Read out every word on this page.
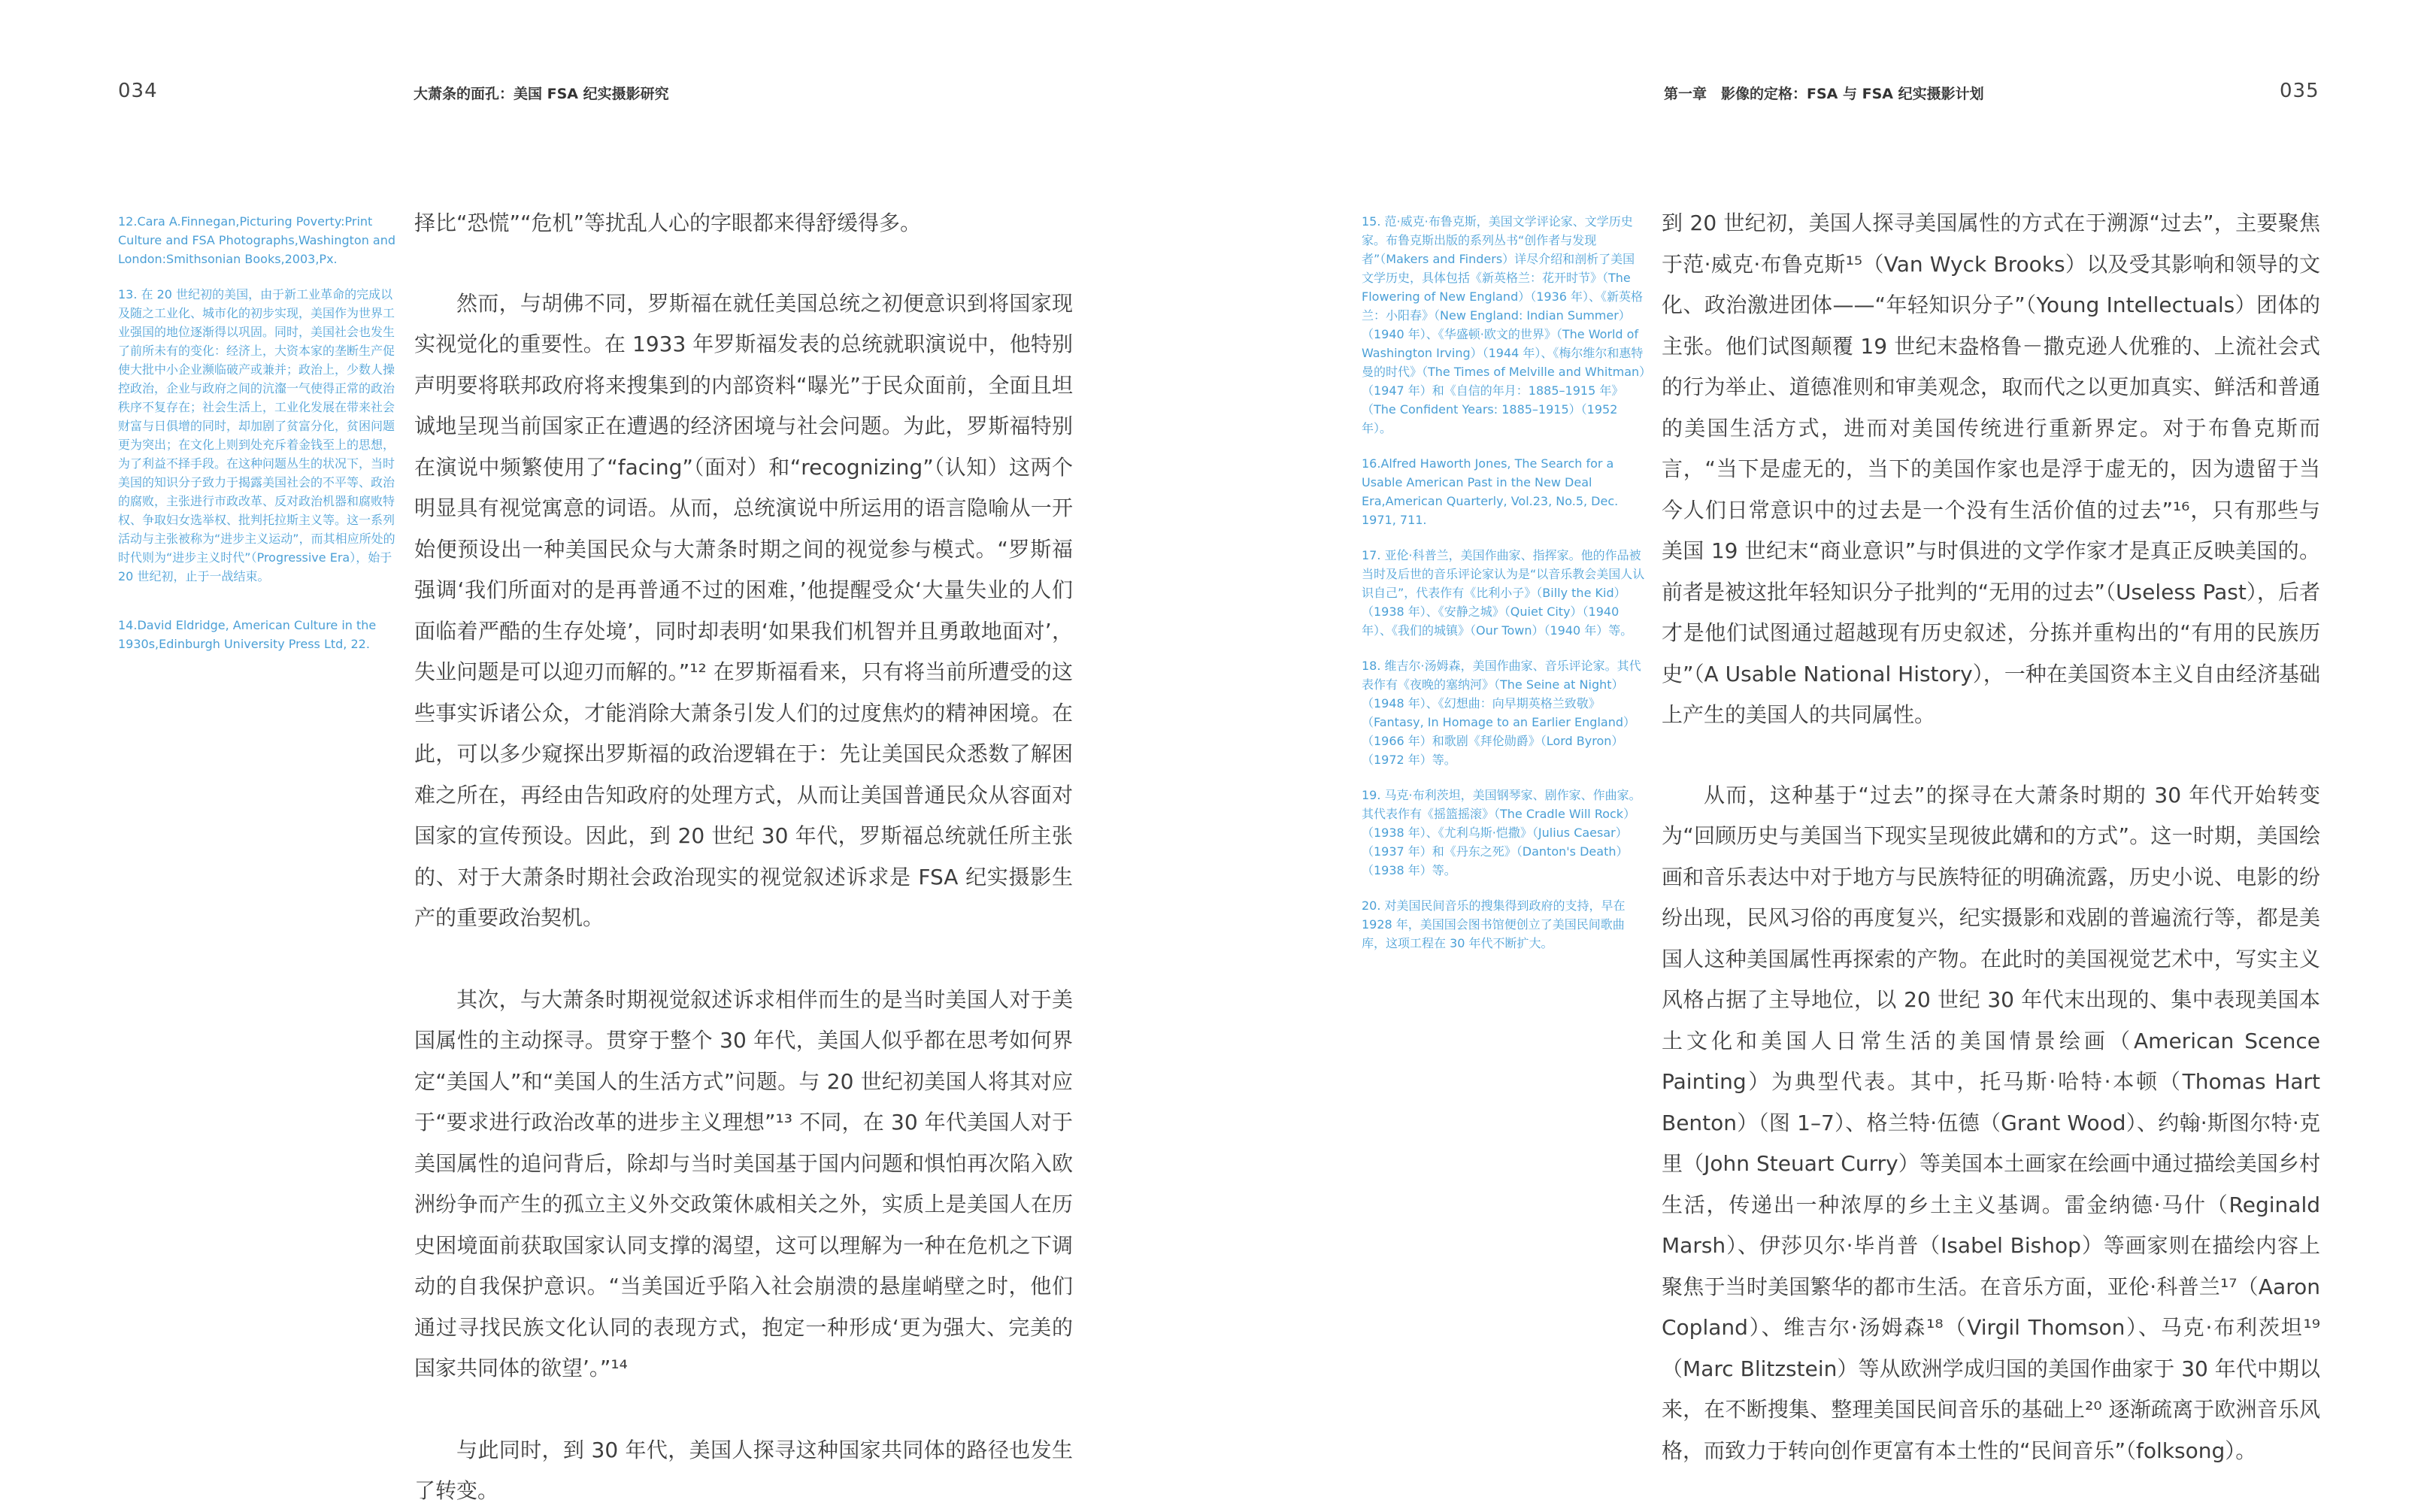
034	大萧条的面孔：美国 FSA 纪实摄影研究
12.Cara A.Finnegan,Picturing Poverty:Print Culture and FSA Photographs,Washington and London:Smithsonian Books,2003,Px.
13. 在 20 世纪初的美国，由于新工业革命的完成以及随之工业化、城市化的初步实现，美国作为世界工业强国的地位逐渐得以巩固。同时，美国社会也发生了前所未有的变化：经济上，大资本家的垄断生产促使大批中小企业濒临破产或兼并；政治上，少数人操控政治，企业与政府之间的沆瀣一气使得正常的政治秩序不复存在；社会生活上，工业化发展在带来社会财富与日俱增的同时，却加剧了贫富分化，贫困问题更为突出；在文化上则到处充斥着金钱至上的思想，为了利益不择手段。在这种问题丛生的状况下，当时美国的知识分子致力于揭露美国社会的不平等、政治的腐败，主张进行市政改革、反对政治机器和腐败特权、争取妇女选举权、批判托拉斯主义等。这一系列活动与主张被称为“进步主义运动”，而其相应所处的时代则为“进步主义时代”（Progressive Era），始于 20 世纪初，止于一战结束。
14.David Eldridge, American Culture in the 1930s,Edinburgh University Press Ltd, 22.

择比“恐慌”“危机”等扰乱人心的字眼都来得舒缓得多。

然而，与胡佛不同，罗斯福在就任美国总统之初便意识到将国家现实视觉化的重要性。在 1933 年罗斯福发表的总统就职演说中，他特别声明要将联邦政府将来搜集到的内部资料“曝光”于民众面前，全面且坦诚地呈现当前国家正在遭遇的经济困境与社会问题。为此，罗斯福特别在演说中频繁使用了“facing”（面对）和“recognizing”（认知）这两个明显具有视觉寓意的词语。从而，总统演说中所运用的语言隐喻从一开始便预设出一种美国民众与大萧条时期之间的视觉参与模式。“罗斯福强调‘我们所面对的是再普通不过的困难，’他提醒受众‘大量失业的人们面临着严酷的生存处境’，同时却表明‘如果我们机智并且勇敢地面对’，失业问题是可以迎刃而解的。”¹² 在罗斯福看来，只有将当前所遭受的这些事实诉诸公众，才能消除大萧条引发人们的过度焦灼的精神困境。在此，可以多少窥探出罗斯福的政治逻辑在于：先让美国民众悉数了解困难之所在，再经由告知政府的处理方式，从而让美国普通民众从容面对国家的宣传预设。因此，到 20 世纪 30 年代，罗斯福总统就任所主张的、对于大萧条时期社会政治现实的视觉叙述诉求是 FSA 纪实摄影生产的重要政治契机。

其次，与大萧条时期视觉叙述诉求相伴而生的是当时美国人对于美国属性的主动探寻。贯穿于整个 30 年代，美国人似乎都在思考如何界定“美国人”和“美国人的生活方式”问题。与 20 世纪初美国人将其对应于“要求进行政治改革的进步主义理想”¹³ 不同，在 30 年代美国人对于美国属性的追问背后，除却与当时美国基于国内问题和惧怕再次陷入欧洲纷争而产生的孤立主义外交政策休戚相关之外，实质上是美国人在历史困境面前获取国家认同支撑的渴望，这可以理解为一种在危机之下调动的自我保护意识。“当美国近乎陷入社会崩溃的悬崖峭壁之时，他们通过寻找民族文化认同的表现方式，抱定一种形成‘更为强大、完美的国家共同体的欲望’。”¹⁴

与此同时，到 30 年代，美国人探寻这种国家共同体的路径也发生了转变。

第一章　影像的定格：FSA 与 FSA 纪实摄影计划	035
15. 范·威克·布鲁克斯，美国文学评论家、文学历史家。布鲁克斯出版的系列丛书“创作者与发现者”（Makers and Finders）详尽介绍和剖析了美国文学历史，具体包括《新英格兰：花开时节》（The Flowering of New England）（1936 年）、《新英格兰：小阳春》（New England: Indian Summer）（1940 年）、《华盛顿·欧文的世界》（The World of Washington Irving）（1944 年）、《梅尔维尔和惠特曼的时代》（The Times of Melville and Whitman）（1947 年）和《自信的年月：1885–1915 年》（The Confident Years: 1885–1915）（1952 年）。
16.Alfred Haworth Jones, The Search for a Usable American Past in the New Deal Era,American Quarterly, Vol.23, No.5, Dec. 1971, 711.
17. 亚伦·科普兰，美国作曲家、指挥家。他的作品被当时及后世的音乐评论家认为是“以音乐教会美国人认识自己”，代表作有《比利小子》（Billy the Kid）（1938 年）、《安静之城》（Quiet City）（1940 年）、《我们的城镇》（Our Town）（1940 年）等。
18. 维吉尔·汤姆森，美国作曲家、音乐评论家。其代表作有《夜晚的塞纳河》（The Seine at Night）（1948 年）、《幻想曲：向早期英格兰致敬》（Fantasy, In Homage to an Earlier England）（1966 年）和歌剧《拜伦勋爵》（Lord Byron）（1972 年）等。
19. 马克·布利茨坦，美国钢琴家、剧作家、作曲家。其代表作有《摇篮摇滚》（The Cradle Will Rock）（1938 年）、《尤利乌斯·恺撒》（Julius Caesar）（1937 年）和《丹东之死》（Danton's Death）（1938 年）等。
20. 对美国民间音乐的搜集得到政府的支持，早在 1928 年，美国国会图书馆便创立了美国民间歌曲库，这项工程在 30 年代不断扩大。

到 20 世纪初，美国人探寻美国属性的方式在于溯源“过去”，主要聚焦于范·威克·布鲁克斯¹⁵（Van Wyck Brooks）以及受其影响和领导的文化、政治激进团体——“年轻知识分子”（Young Intellectuals）团体的主张。他们试图颠覆 19 世纪末盎格鲁－撒克逊人优雅的、上流社会式的行为举止、道德准则和审美观念，取而代之以更加真实、鲜活和普通的美国生活方式，进而对美国传统进行重新界定。对于布鲁克斯而言，“当下是虚无的，当下的美国作家也是浮于虚无的，因为遗留于当今人们日常意识中的过去是一个没有生活价值的过去”¹⁶，只有那些与美国 19 世纪末“商业意识”与时俱进的文学作家才是真正反映美国的。前者是被这批年轻知识分子批判的“无用的过去”（Useless Past），后者才是他们试图通过超越现有历史叙述，分拣并重构出的“有用的民族历史”（A Usable National History），一种在美国资本主义自由经济基础上产生的美国人的共同属性。

从而，这种基于“过去”的探寻在大萧条时期的 30 年代开始转变为“回顾历史与美国当下现实呈现彼此媾和的方式”。这一时期，美国绘画和音乐表达中对于地方与民族特征的明确流露，历史小说、电影的纷纷出现，民风习俗的再度复兴，纪实摄影和戏剧的普遍流行等，都是美国人这种美国属性再探索的产物。在此时的美国视觉艺术中，写实主义风格占据了主导地位，以 20 世纪 30 年代末出现的、集中表现美国本土文化和美国人日常生活的美国情景绘画（American Scence Painting）为典型代表。其中，托马斯·哈特·本顿（Thomas Hart Benton）（图 1–7）、格兰特·伍德（Grant Wood）、约翰·斯图尔特·克里（John Steuart Curry）等美国本土画家在绘画中通过描绘美国乡村生活，传递出一种浓厚的乡土主义基调。雷金纳德·马什（Reginald Marsh）、伊莎贝尔·毕肖普（Isabel Bishop）等画家则在描绘内容上聚焦于当时美国繁华的都市生活。在音乐方面，亚伦·科普兰¹⁷（Aaron Copland）、维吉尔·汤姆森¹⁸（Virgil Thomson）、马克·布利茨坦¹⁹（Marc Blitzstein）等从欧洲学成归国的美国作曲家于 30 年代中期以来，在不断搜集、整理美国民间音乐的基础上²⁰ 逐渐疏离于欧洲音乐风格，而致力于转向创作更富有本土性的“民间音乐”（folksong）。
